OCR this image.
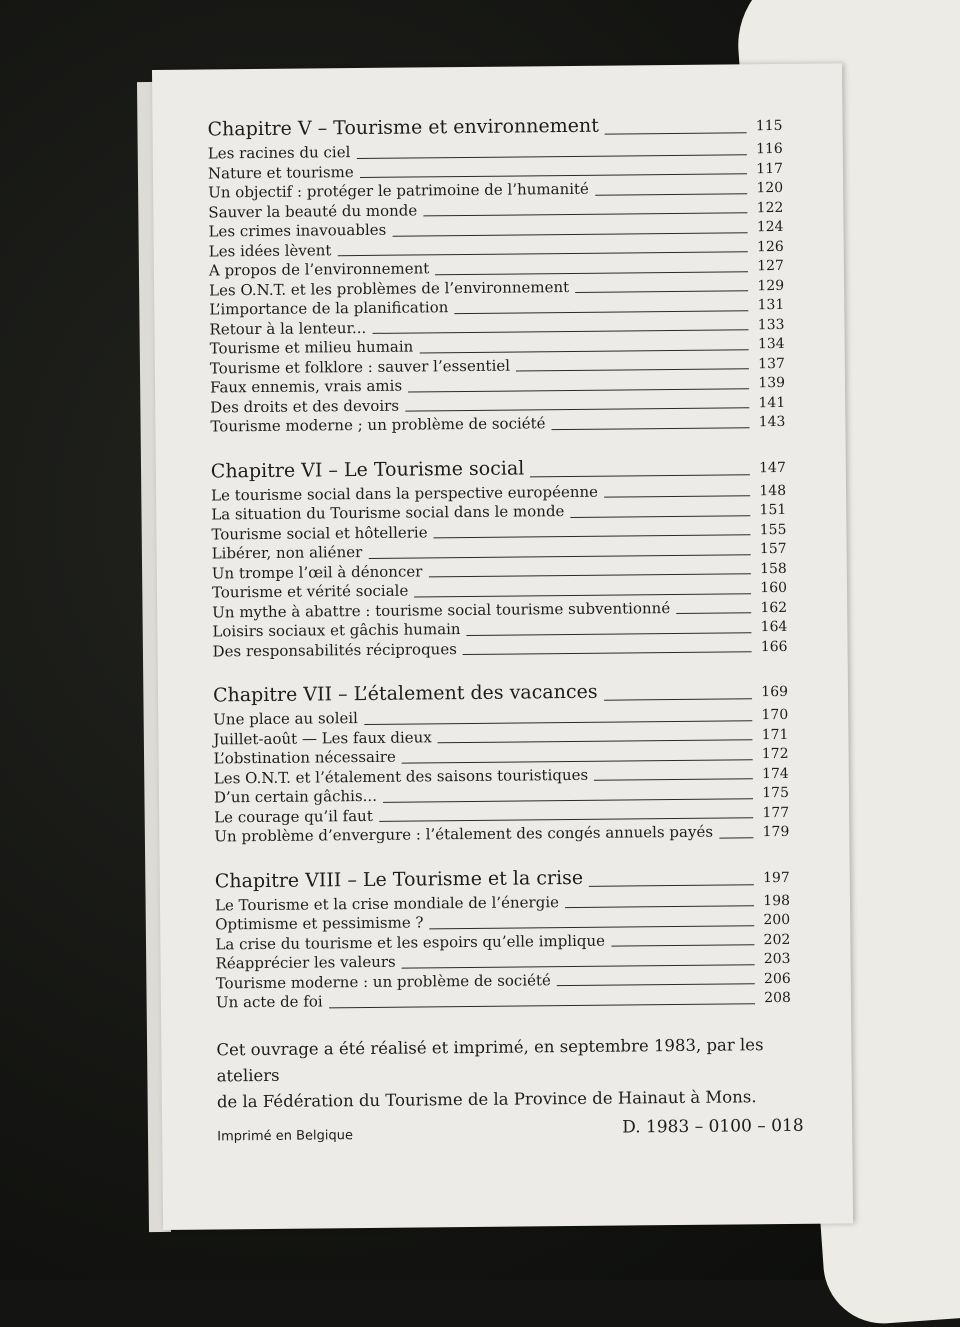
Chapitre V – Tourisme et environnement	115
Les racines du ciel	116
Nature et tourisme	117
Un objectif : protéger le patrimoine de l’humanité	120
Sauver la beauté du monde	122
Les crimes inavouables	124
Les idées lèvent	126
A propos de l’environnement	127
Les O.N.T. et les problèmes de l’environnement	129
L’importance de la planification	131
Retour à la lenteur...	133
Tourisme et milieu humain	134
Tourisme et folklore : sauver l’essentiel	137
Faux ennemis, vrais amis	139
Des droits et des devoirs	141
Tourisme moderne ; un problème de société	143
Chapitre VI – Le Tourisme social	147
Le tourisme social dans la perspective européenne	148
La situation du Tourisme social dans le monde	151
Tourisme social et hôtellerie	155
Libérer, non aliéner	157
Un trompe l’œil à dénoncer	158
Tourisme et vérité sociale	160
Un mythe à abattre : tourisme social tourisme subventionné	162
Loisirs sociaux et gâchis humain	164
Des responsabilités réciproques	166
Chapitre VII – L’étalement des vacances	169
Une place au soleil	170
Juillet-août — Les faux dieux	171
L’obstination nécessaire	172
Les O.N.T. et l’étalement des saisons touristiques	174
D’un certain gâchis...	175
Le courage qu’il faut	177
Un problème d’envergure : l’étalement des congés annuels payés	179
Chapitre VIII – Le Tourisme et la crise	197
Le Tourisme et la crise mondiale de l’énergie	198
Optimisme et pessimisme ?	200
La crise du tourisme et les espoirs qu’elle implique	202
Réapprécier les valeurs	203
Tourisme moderne : un problème de société	206
Un acte de foi	208

Cet ouvrage a été réalisé et imprimé, en septembre 1983, par les ateliers

de la Fédération du Tourisme de la Province de Hainaut à Mons.

Imprimé en Belgique	D. 1983 – 0100 – 018
